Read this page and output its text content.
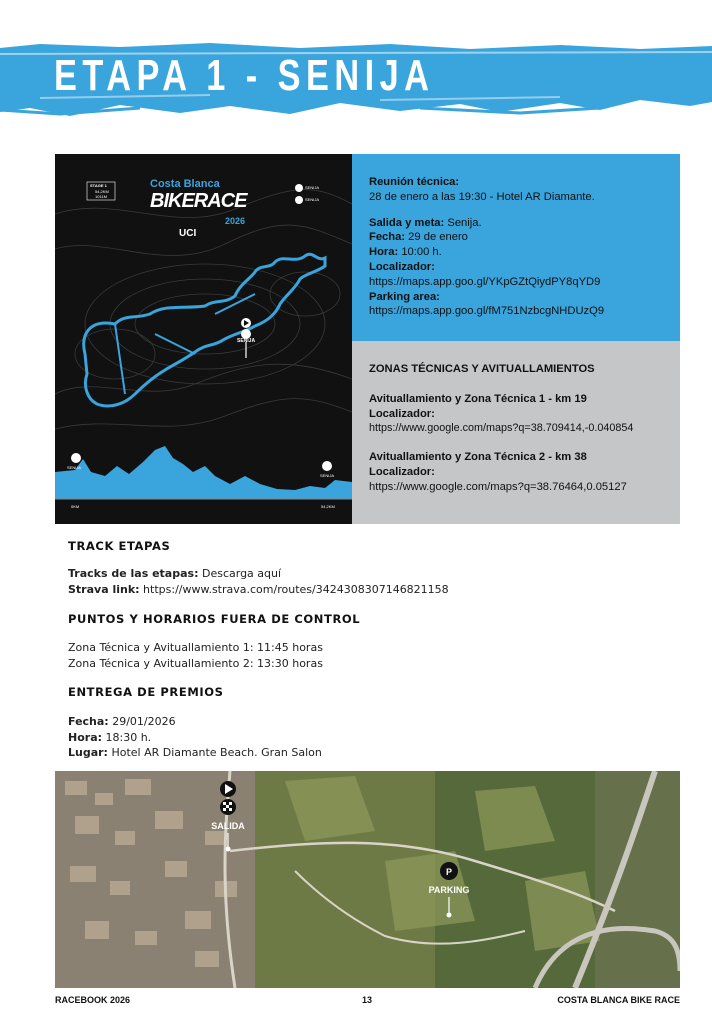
ETAPA 1 - SENIJA
Costa Blanca
BIKERACE
2026
UCI
STAGE 1
54,2KM
1011M
SENIJA
SENIJA
SENIJA
SENIJA
SENIJA
0KM	54,2KM

Reunión técnica:

28 de enero a las 19:30 - Hotel AR Diamante.

Salida y meta: Senija.

Fecha: 29 de enero

Hora: 10:00 h.

Localizador:

https://maps.app.goo.gl/YKpGZtQiydPY8qYD9

Parking area:

https://maps.app.goo.gl/fM751NzbcgNHDUzQ9

ZONAS TÉCNICAS Y AVITUALLAMIENTOS

Avituallamiento y Zona Técnica 1 - km 19

Localizador:

https://www.google.com/maps?q=38.709414,-0.040854

Avituallamiento y Zona Técnica 2 - km 38

Localizador:

https://www.google.com/maps?q=38.76464,0.05127

TRACK ETAPAS
Tracks de las etapas: Descarga aquí
Strava link: https://www.strava.com/routes/3424308307146821158
PUNTOS Y HORARIOS FUERA DE CONTROL
Zona Técnica y Avituallamiento 1: 11:45 horas
Zona Técnica y Avituallamiento 2: 13:30 horas
ENTREGA DE PREMIOS
Fecha: 29/01/2026
Hora: 18:30 h.
Lugar: Hotel AR Diamante Beach. Gran Salon
P
SALIDA
PARKING
RACEBOOK 2026	13	COSTA BLANCA BIKE RACE
